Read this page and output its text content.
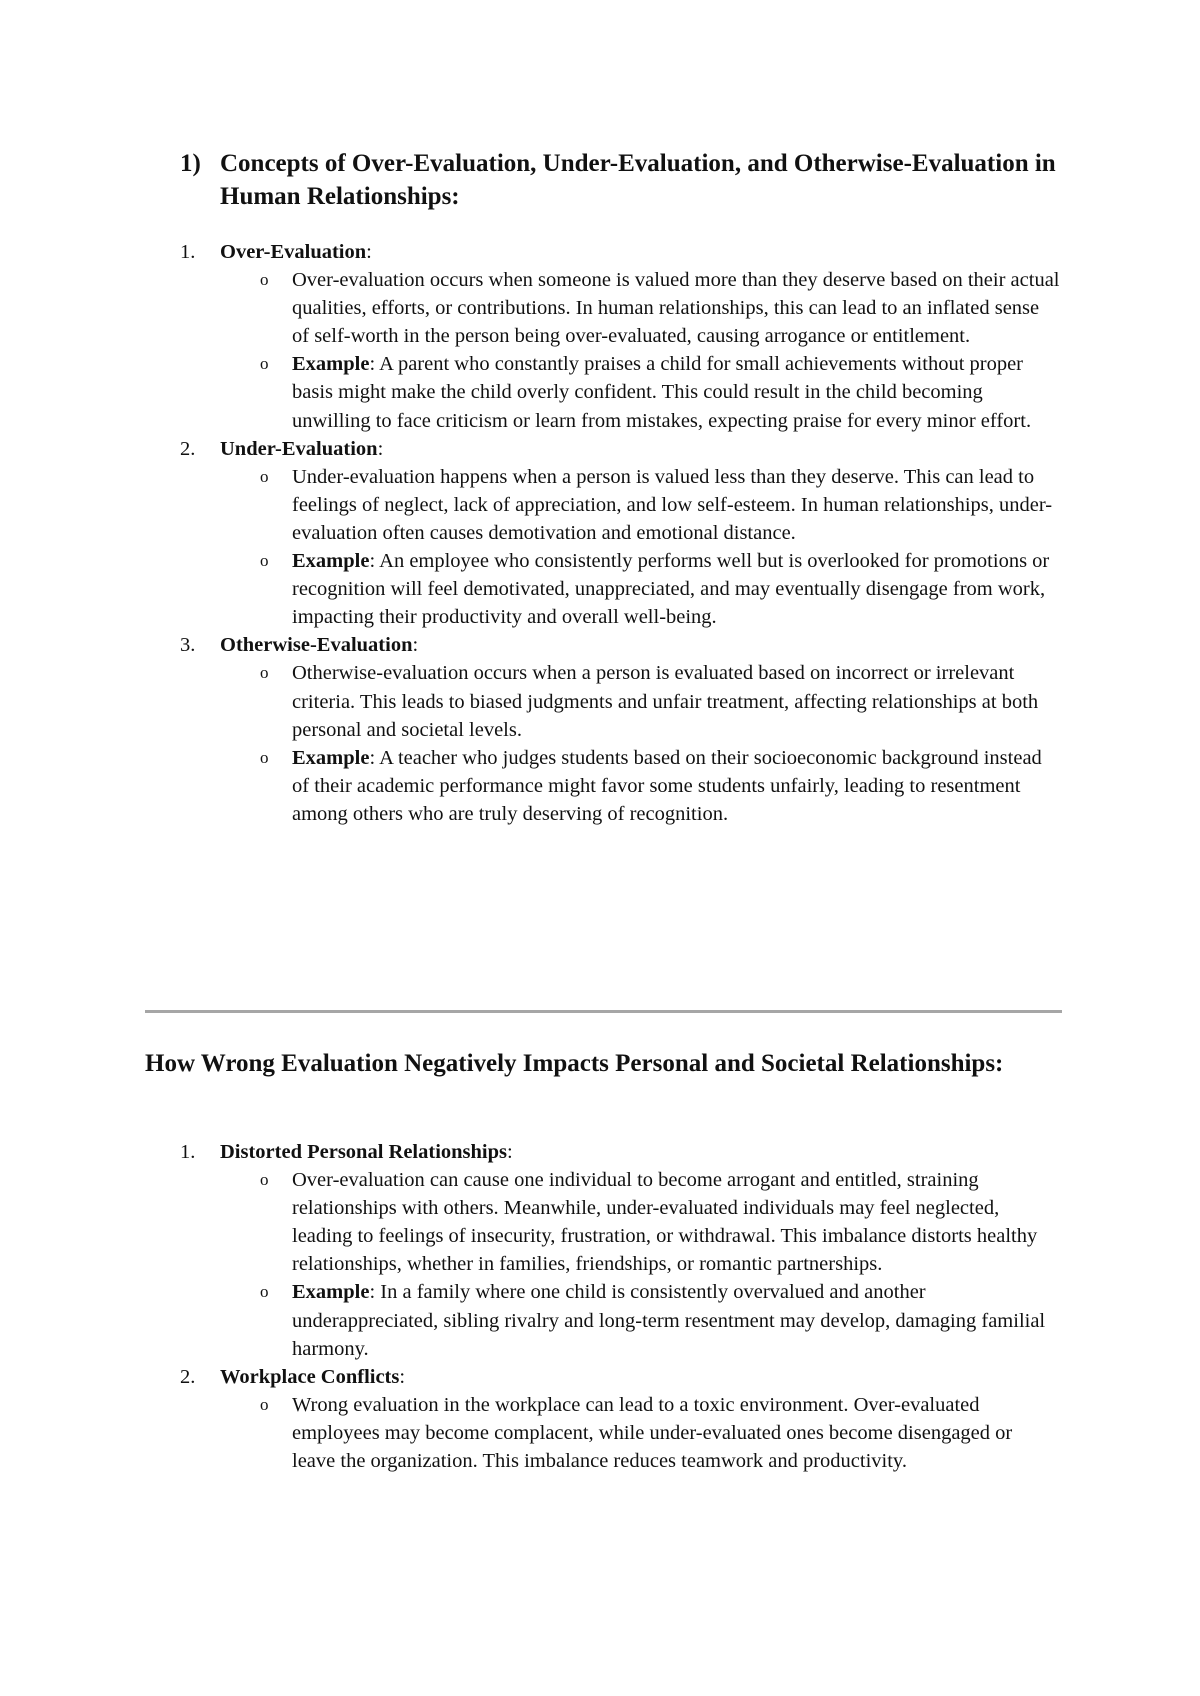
1) Concepts of Over-Evaluation, Under-Evaluation, and Otherwise-Evaluation in Human Relationships:
1. Over-Evaluation:
o Over-evaluation occurs when someone is valued more than they deserve based on their actual qualities, efforts, or contributions. In human relationships, this can lead to an inflated sense of self-worth in the person being over-evaluated, causing arrogance or entitlement.
o Example: A parent who constantly praises a child for small achievements without proper basis might make the child overly confident. This could result in the child becoming unwilling to face criticism or learn from mistakes, expecting praise for every minor effort.
2. Under-Evaluation:
o Under-evaluation happens when a person is valued less than they deserve. This can lead to feelings of neglect, lack of appreciation, and low self-esteem. In human relationships, under-evaluation often causes demotivation and emotional distance.
o Example: An employee who consistently performs well but is overlooked for promotions or recognition will feel demotivated, unappreciated, and may eventually disengage from work, impacting their productivity and overall well-being.
3. Otherwise-Evaluation:
o Otherwise-evaluation occurs when a person is evaluated based on incorrect or irrelevant criteria. This leads to biased judgments and unfair treatment, affecting relationships at both personal and societal levels.
o Example: A teacher who judges students based on their socioeconomic background instead of their academic performance might favor some students unfairly, leading to resentment among others who are truly deserving of recognition.
How Wrong Evaluation Negatively Impacts Personal and Societal Relationships:
1. Distorted Personal Relationships:
o Over-evaluation can cause one individual to become arrogant and entitled, straining relationships with others. Meanwhile, under-evaluated individuals may feel neglected, leading to feelings of insecurity, frustration, or withdrawal. This imbalance distorts healthy relationships, whether in families, friendships, or romantic partnerships.
o Example: In a family where one child is consistently overvalued and another underappreciated, sibling rivalry and long-term resentment may develop, damaging familial harmony.
2. Workplace Conflicts:
o Wrong evaluation in the workplace can lead to a toxic environment. Over-evaluated employees may become complacent, while under-evaluated ones become disengaged or leave the organization. This imbalance reduces teamwork and productivity.
